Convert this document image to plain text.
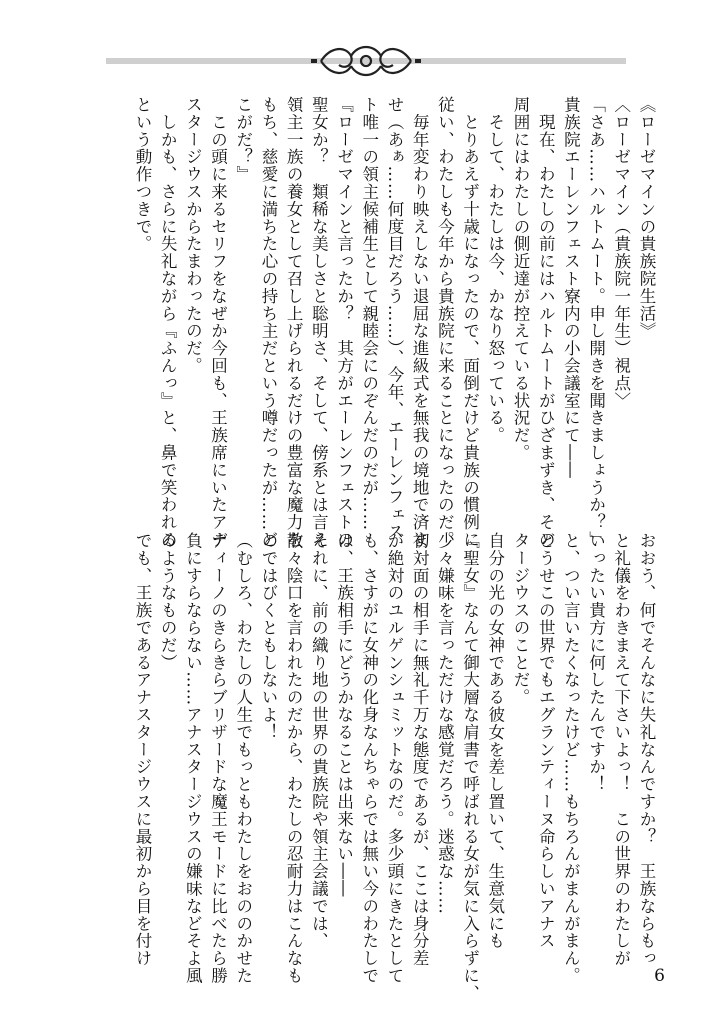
《ローゼマインの貴族院生活》

〈ローゼマイン（貴族院一年生）視点〉

「さあ……ハルトムート。申し開きを聞きましょうか？」

貴族院エーレンフェスト寮内の小会議室にて――

　現在、わたしの前にはハルトムートがひざまずき、その

周囲にはわたしの側近達が控えている状況だ。

　そして、わたしは今、かなり怒っている。

　とりあえず十歳になったので、面倒だけど貴族の慣例に

従い、わたしも今年から貴族院に来ることになったのだ。

　毎年変わり映えしない退屈な進級式を無我の境地で済ま

せ（あぁ……何度目だろう……）、今年、エーレンフェス

ト唯一の領主候補生として親睦会にのぞんだのだが……

『ローゼマインと言ったか？　其方がエーレンフェストの

聖女か？　類稀な美しさと聡明さ、そして、傍系とは言え

領主一族の養女として召し上げられるだけの豊富な魔力を

もち、慈愛に満ちた心の持ち主だという噂だったが……ど

こがだ？』

　この頭に来るセリフをなぜか今回も、王族席にいたアナ

スタージウスからたまわったのだ。

　しかも、さらに失礼ながら『ふんっ』と、鼻で笑われる

という動作つきで。

おおう、何でそんなに失礼なんですか？　王族ならもっ

と礼儀をわきまえて下さいよっ！　この世界のわたしが

いったい貴方に何したんですか！

と、つい言いたくなったけど……もちろんがまんがまん。

どうせこの世界でもエグランティーヌ命らしいアナス

タージウスのことだ。

自分の光の女神である彼女を差し置いて、生意気にも

『聖女』なんて御大層な肩書で呼ばれる女が気に入らずに、

少々嫌味を言っただけな感覚だろう。迷惑な……

初対面の相手に無礼千万な態度であるが、ここは身分差

が絶対のユルゲンシュミットなのだ。多少頭にきたとして

も、さすがに女神の化身なんちゃらでは無い今のわたしで

は、王族相手にどうかなることは出来ない――

それに、前の織り地の世界の貴族院や領主会議では、

散々陰口を言われたのだから、わたしの忍耐力はこんなも

のではびくともしないよ！

（むしろ、わたしの人生でもっともわたしをおののかせた

ディーノのきらきらブリザードな魔王モードに比べたら勝

負にすらならない……アナスタージウスの嫌味などそよ風

のようなものだ）

でも、王族であるアナスタージウスに最初から目を付け

6
